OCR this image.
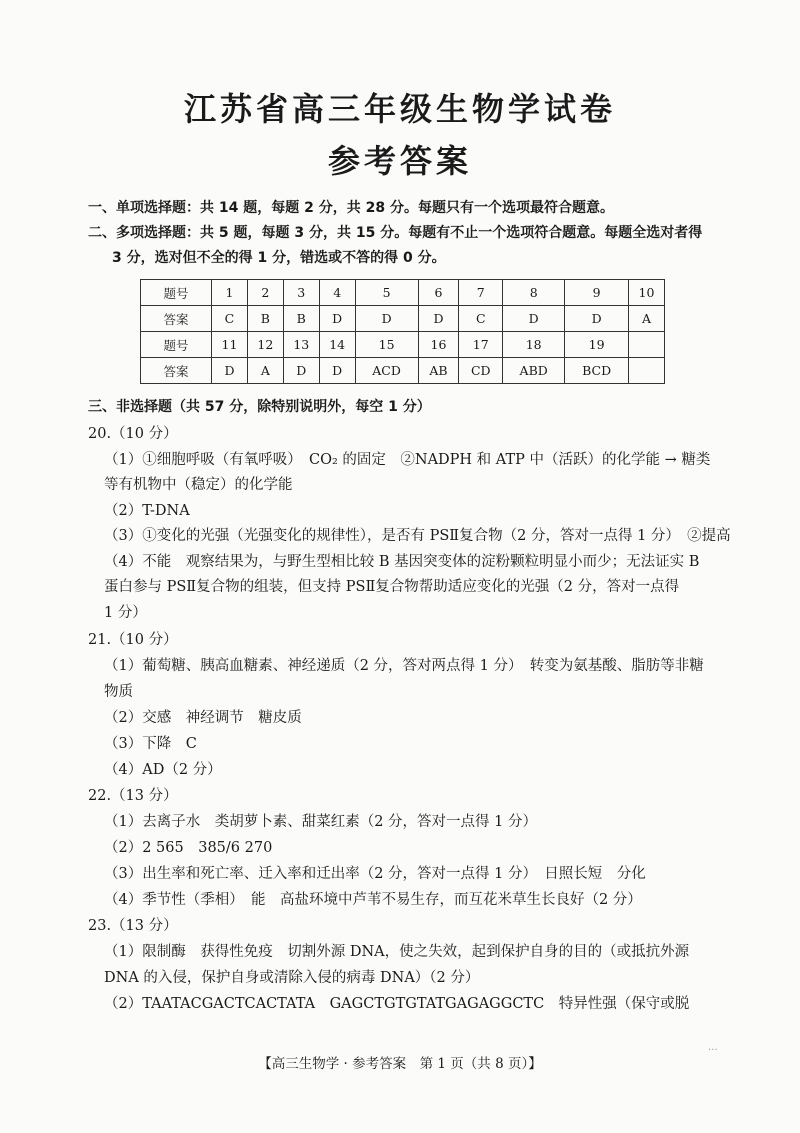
江苏省高三年级生物学试卷
参考答案
一、单项选择题：共 14 题，每题 2 分，共 28 分。每题只有一个选项最符合题意。
二、多项选择题：共 5 题，每题 3 分，共 15 分。每题有不止一个选项符合题意。每题全选对者得
3 分，选对但不全的得 1 分，错选或不答的得 0 分。
题号	1	2	3	4	5	6	7	8	9	10
答案	C	B	B	D	D	D	C	D	D	A
题号	11	12	13	14	15	16	17	18	19	
答案	D	A	D	D	ACD	AB	CD	ABD	BCD	
三、非选择题（共 57 分，除特别说明外，每空 1 分）
20.（10 分）
（1）①细胞呼吸（有氧呼吸）　CO₂ 的固定　②NADPH 和 ATP 中（活跃）的化学能 → 糖类
等有机物中（稳定）的化学能
（2）T-DNA
（3）①变化的光强（光强变化的规律性），是否有 PSⅡ复合物（2 分，答对一点得 1 分）　②提高
（4）不能　观察结果为，与野生型相比较 B 基因突变体的淀粉颗粒明显小而少；无法证实 B
蛋白参与 PSⅡ复合物的组装，但支持 PSⅡ复合物帮助适应变化的光强（2 分，答对一点得
1 分）
21.（10 分）
（1）葡萄糖、胰高血糖素、神经递质（2 分，答对两点得 1 分）　转变为氨基酸、脂肪等非糖
物质
（2）交感　神经调节　糖皮质
（3）下降　C
（4）AD（2 分）
22.（13 分）
（1）去离子水　类胡萝卜素、甜菜红素（2 分，答对一点得 1 分）
（2）2 565　385/6 270
（3）出生率和死亡率、迁入率和迁出率（2 分，答对一点得 1 分）　日照长短　分化
（4）季节性（季相）　能　高盐环境中芦苇不易生存，而互花米草生长良好（2 分）
23.（13 分）
（1）限制酶　获得性免疫　切割外源 DNA，使之失效，起到保护自身的目的（或抵抗外源
DNA 的入侵，保护自身或清除入侵的病毒 DNA）（2 分）
（2）TAATACGACTCACTATA　GAGCTGTGTATGAGAGGCTC　特异性强（保守或脱
【高三生物学 · 参考答案　第 1 页（共 8 页）】
...
